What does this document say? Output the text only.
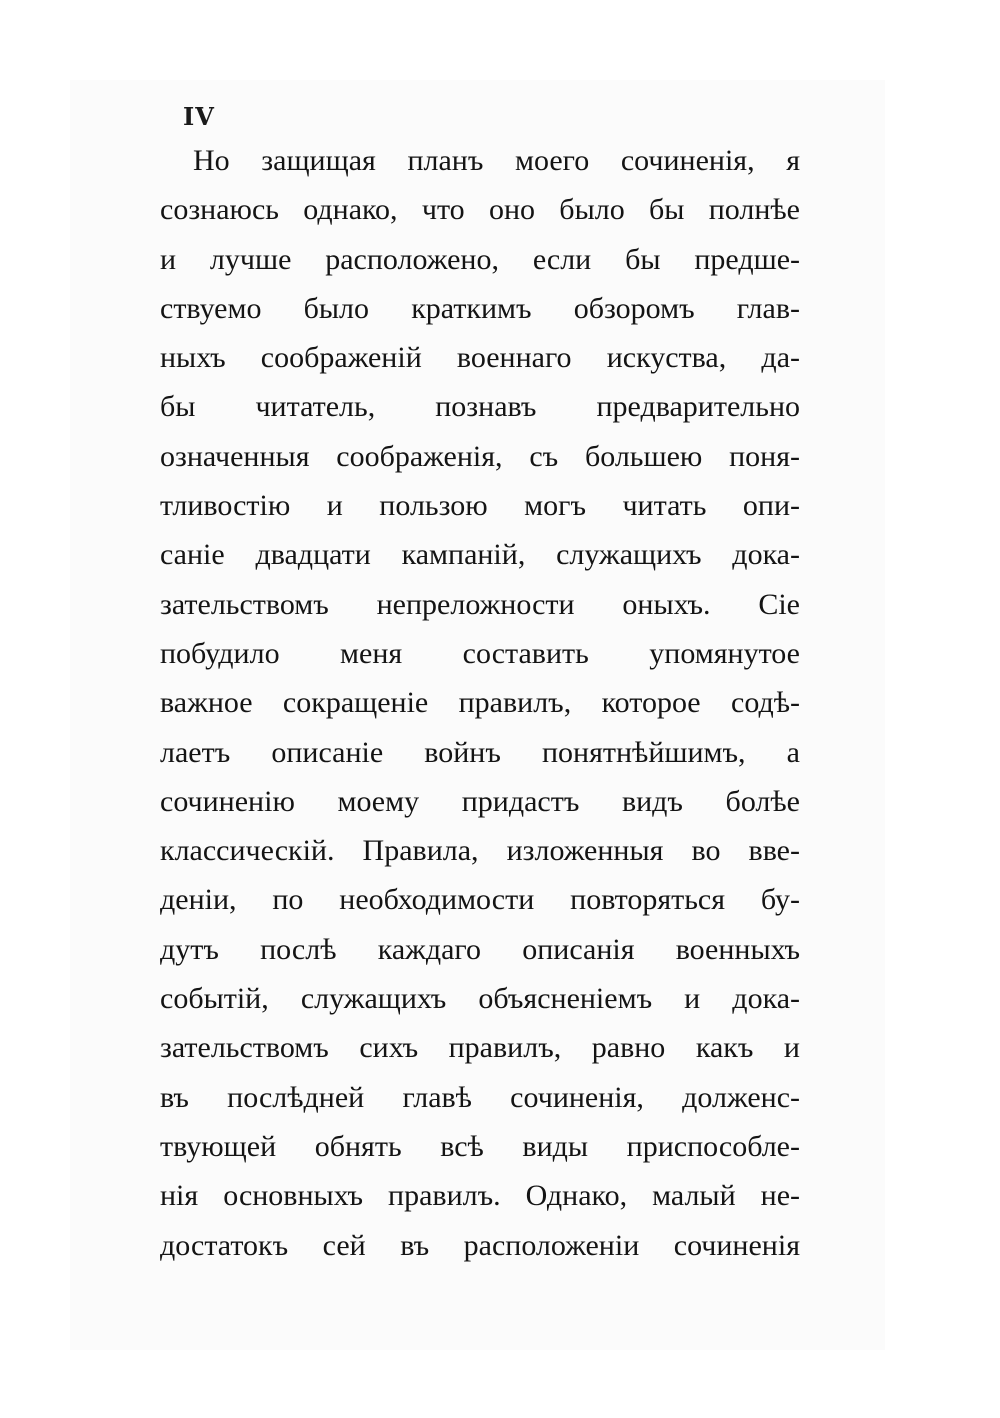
IV
Но защищая планъ моего сочиненія, я
сознаюсь однако, что оно было бы полнѣе
и лучше расположено, если бы предше-
ствуемо было краткимъ обзоромъ глав-
ныхъ соображеній военнаго искуства, да-
бы читатель, познавъ предварительно
означенныя соображенія, съ большею поня-
тливостію и пользою могъ читать опи-
саніе двадцати кампаній, служащихъ дока-
зательствомъ непреложности оныхъ. Сіе
побудило меня составить упомянутое
важное сокращеніе правилъ, которое содѣ-
лаетъ описаніе войнъ понятнѣйшимъ, а
сочиненію моему придастъ видъ болѣе
классическій. Правила, изложенныя во вве-
деніи, по необходимости повторяться бу-
дутъ послѣ каждаго описанія военныхъ
событій, служащихъ объясненіемъ и дока-
зательствомъ сихъ правилъ, равно какъ и
въ послѣдней главѣ сочиненія, долженс-
твующей обнять всѣ виды приспособле-
нія основныхъ правилъ. Однако, малый не-
достатокъ сей въ расположеніи сочиненія
